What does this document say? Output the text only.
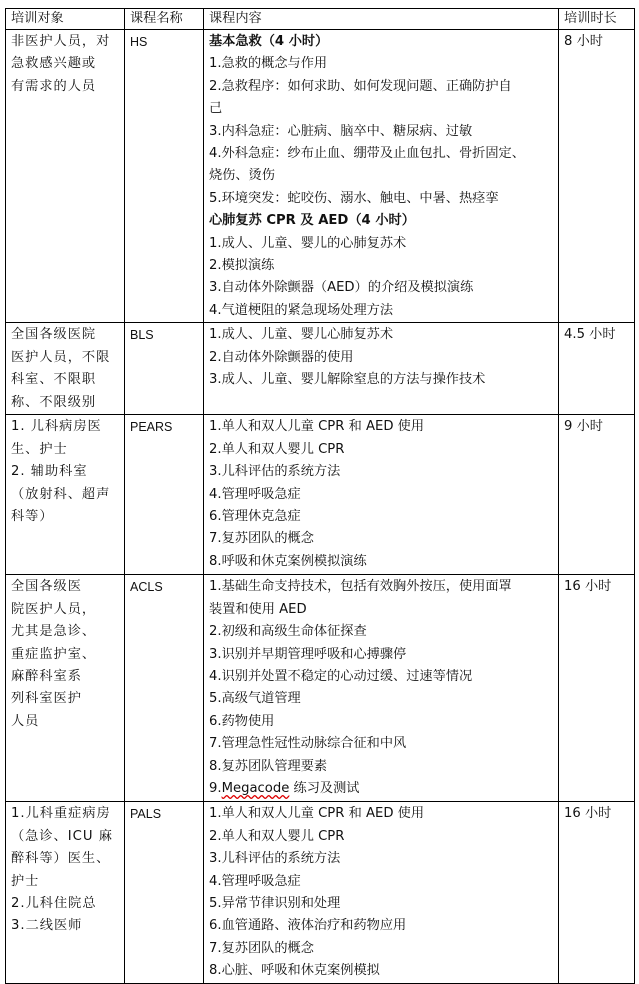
培训对象	课程名称	课程内容	培训时长

非医护人员，对
急救感兴趣或
有需求的人员
	HS	基本急救（4 小时）
1.急救的概念与作用
2.急救程序：如何求助、如何发现问题、正确防护自
己
3.内科急症：心脏病、脑卒中、糖尿病、过敏
4.外科急症：纱布止血、绷带及止血包扎、骨折固定、
烧伤、烫伤
5.环境突发：蛇咬伤、溺水、触电、中暑、热痉挛
心肺复苏 CPR 及 AED（4 小时）
1.成人、儿童、婴儿的心肺复苏术
2.模拟演练
3.自动体外除颤器（AED）的介绍及模拟演练
4.气道梗阻的紧急现场处理方法
	8 小时

全国各级医院
医护人员，不限
科室、不限职
称、不限级别	BLS	1.成人、儿童、婴儿心肺复苏术
2.自动体外除颤器的使用
3.成人、儿童、婴儿解除窒息的方法与操作技术	4.5 小时

1. 儿科病房医
生、护士
2. 辅助科室
（放射科、超声
科等）
	PEARS	1.单人和双人儿童 CPR 和 AED 使用
2.单人和双人婴儿 CPR
3.儿科评估的系统方法
4.管理呼吸急症
6.管理休克急症
7.复苏团队的概念
8.呼吸和休克案例模拟演练
	9 小时

全国各级医
院医护人员，
尤其是急诊、
重症监护室、
麻醉科室系
列科室医护
人员
	ACLS	1.基础生命支持技术，包括有效胸外按压，使用面罩
装置和使用 AED
2.初级和高级生命体征探查
3.识别并早期管理呼吸和心搏骤停
4.识别并处置不稳定的心动过缓、过速等情况
5.高级气道管理
6.药物使用
7.管理急性冠性动脉综合征和中风
8.复苏团队管理要素
9.Megacode 练习及测试
	16 小时

1.儿科重症病房
（急诊、ICU 麻
醉科等）医生、
护士
2.儿科住院总
3.二线医师
	PALS	1.单人和双人儿童 CPR 和 AED 使用
2.单人和双人婴儿 CPR
3.儿科评估的系统方法
4.管理呼吸急症
5.异常节律识别和处理
6.血管通路、液体治疗和药物应用
7.复苏团队的概念
8.心脏、呼吸和休克案例模拟
	16 小时
